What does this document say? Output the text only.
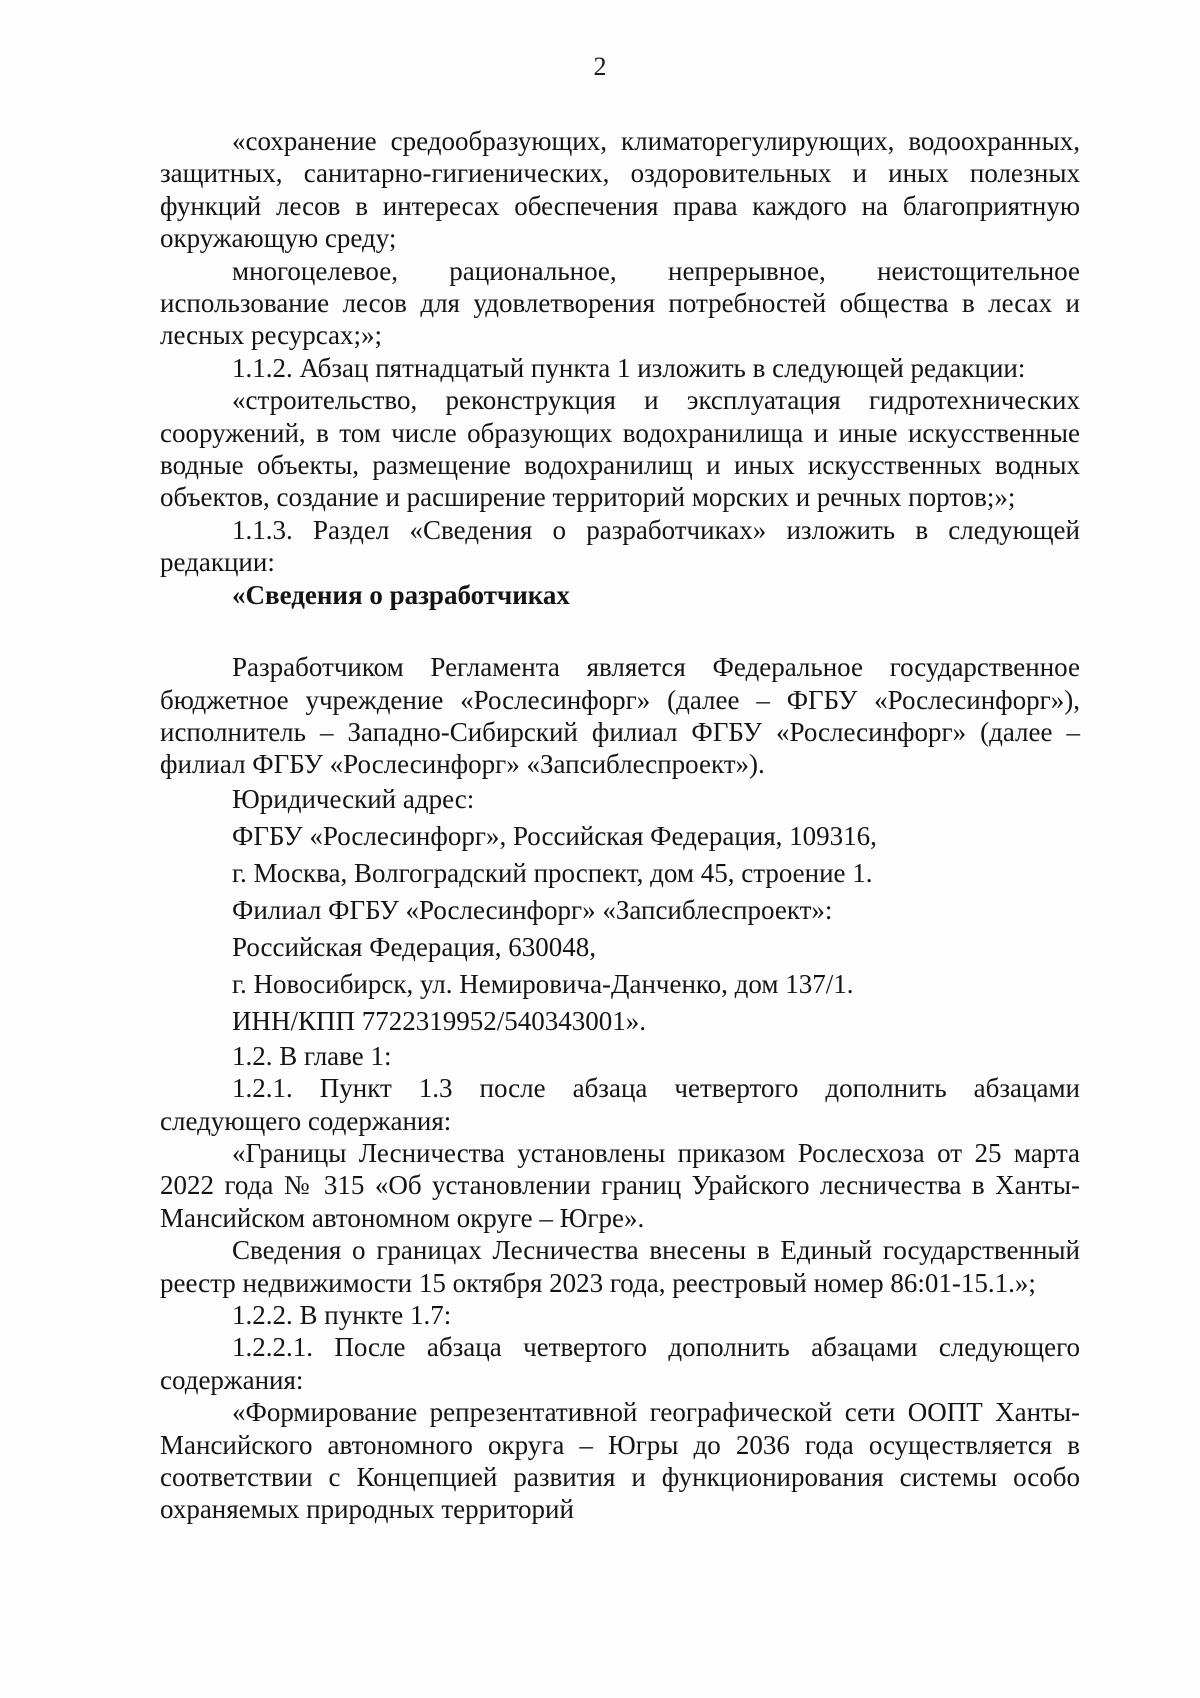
2

«сохранение средообразующих, климаторегулирующих, водоохранных, защитных, санитарно-гигиенических, оздоровительных и иных полезных функций лесов в интересах обеспечения права каждого на благоприятную окружающую среду;

многоцелевое, рациональное, непрерывное, неистощительное использование лесов для удовлетворения потребностей общества в лесах и лесных ресурсах;»;

1.1.2. Абзац пятнадцатый пункта 1 изложить в следующей редакции:

«строительство, реконструкция и эксплуатация гидротехнических сооружений, в том числе образующих водохранилища и иные искусственные водные объекты, размещение водохранилищ и иных искусственных водных объектов, создание и расширение территорий морских и речных портов;»;

1.1.3. Раздел «Сведения о разработчиках» изложить в следующей редакции:

«Сведения о разработчиках

Разработчиком Регламента является Федеральное государственное бюджетное учреждение «Рослесинфорг» (далее – ФГБУ «Рослесинфорг»), исполнитель – Западно-Сибирский филиал ФГБУ «Рослесинфорг» (далее – филиал ФГБУ «Рослесинфорг» «Запсиблеспроект»).

Юридический адрес:

ФГБУ «Рослесинфорг», Российская Федерация, 109316,

г. Москва, Волгоградский проспект, дом 45, строение 1.

Филиал ФГБУ «Рослесинфорг» «Запсиблеспроект»:

Российская Федерация, 630048,

г. Новосибирск, ул. Немировича-Данченко, дом 137/1.

ИНН/КПП 7722319952/540343001».

1.2. В главе 1:

1.2.1. Пункт 1.3 после абзаца четвертого дополнить абзацами следующего содержания:

«Границы Лесничества установлены приказом Рослесхоза от 25 марта 2022 года № 315 «Об установлении границ Урайского лесничества в Ханты-Мансийском автономном округе – Югре».

Сведения о границах Лесничества внесены в Единый государственный реестр недвижимости 15 октября 2023 года, реестровый номер 86:01-15.1.»;

1.2.2. В пункте 1.7:

1.2.2.1. После абзаца четвертого дополнить абзацами следующего содержания:

«Формирование репрезентативной географической сети ООПТ Ханты-Мансийского автономного округа – Югры до 2036 года осуществляется в соответствии с Концепцией развития и функционирования системы особо охраняемых природных территорий
